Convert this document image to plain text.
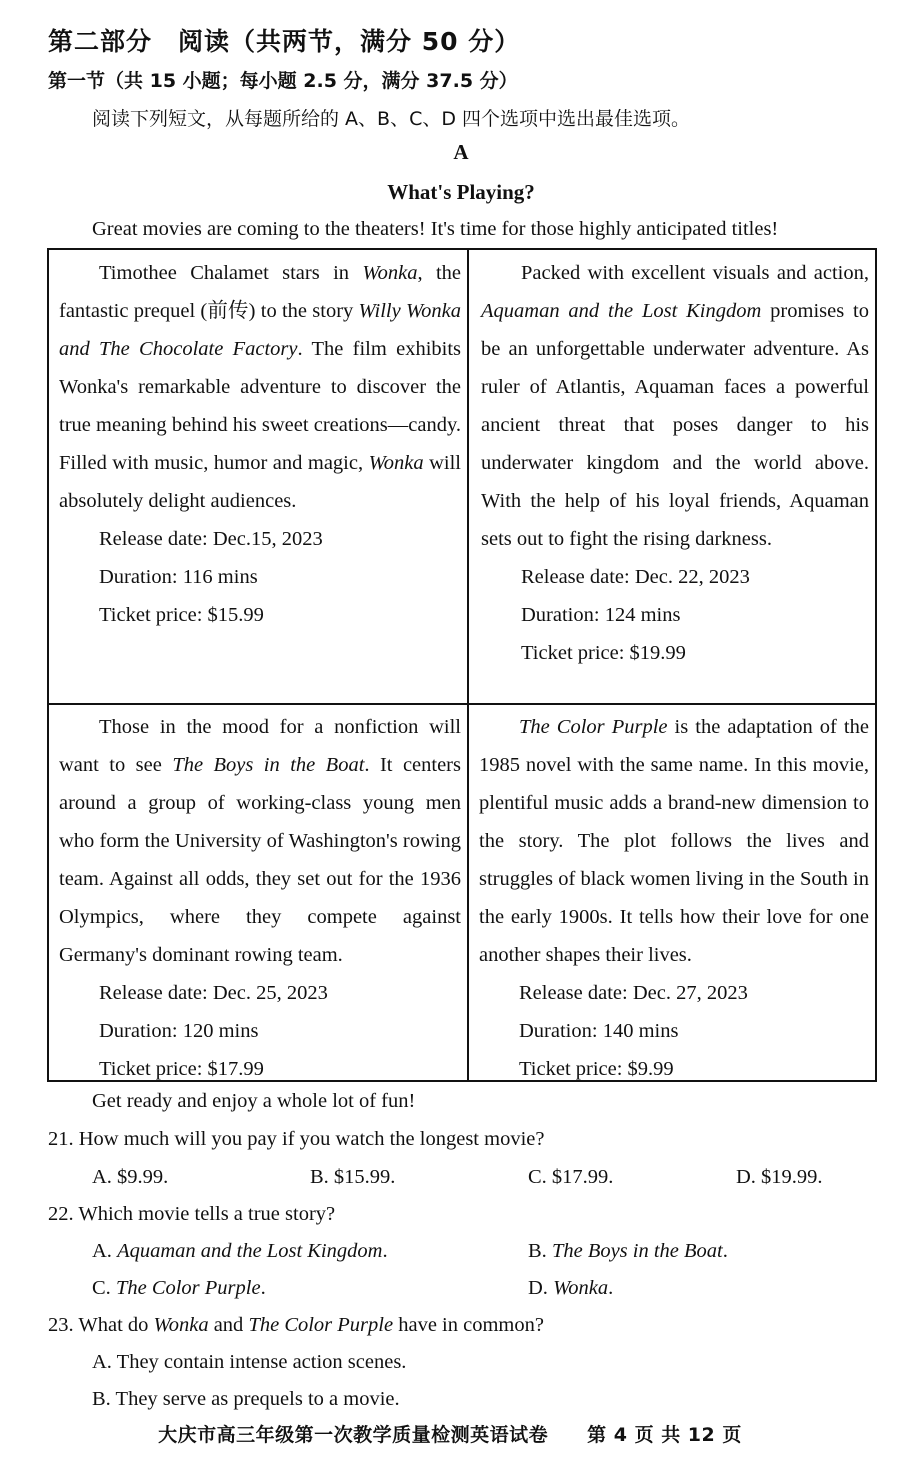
第二部分　阅读（共两节，满分 50 分）
第一节（共 15 小题；每小题 2.5 分，满分 37.5 分）
阅读下列短文，从每题所给的 A、B、C、D 四个选项中选出最佳选项。
A
What's Playing?
Great movies are coming to the theaters! It's time for those highly anticipated titles!

Timothee Chalamet stars in Wonka, the fantastic prequel (前传) to the story Willy Wonka and The Chocolate Factory. The film exhibits Wonka's remarkable adventure to discover the true meaning behind his sweet creations—candy. Filled with music, humor and magic, Wonka will absolutely delight audiences.

Release date: Dec.15, 2023
Duration: 116 mins
Ticket price: $15.99

Packed with excellent visuals and action, Aquaman and the Lost Kingdom promises to be an unforgettable underwater adventure. As ruler of Atlantis, Aquaman faces a powerful ancient threat that poses danger to his underwater kingdom and the world above. With the help of his loyal friends, Aquaman sets out to fight the rising darkness.

Release date: Dec. 22, 2023
Duration: 124 mins
Ticket price: $19.99

Those in the mood for a nonfiction will want to see The Boys in the Boat. It centers around a group of working-class young men who form the University of Washington's rowing team. Against all odds, they set out for the 1936 Olympics, where they compete against Germany's dominant rowing team.

Release date: Dec. 25, 2023
Duration: 120 mins
Ticket price: $17.99

The Color Purple is the adaptation of the 1985 novel with the same name. In this movie, plentiful music adds a brand-new dimension to the story. The plot follows the lives and struggles of black women living in the South in the early 1900s. It tells how their love for one another shapes their lives.

Release date: Dec. 27, 2023
Duration: 140 mins
Ticket price: $9.99
Get ready and enjoy a whole lot of fun!
21. How much will you pay if you watch the longest movie?
A. $9.99.	B. $15.99.	C. $17.99.	D. $19.99.
22. Which movie tells a true story?
A. Aquaman and the Lost Kingdom.	B. The Boys in the Boat.
C. The Color Purple.	D. Wonka.
23. What do Wonka and The Color Purple have in common?
A. They contain intense action scenes.
B. They serve as prequels to a movie.
大庆市高三年级第一次教学质量检测英语试卷　　第 4 页 共 12 页
